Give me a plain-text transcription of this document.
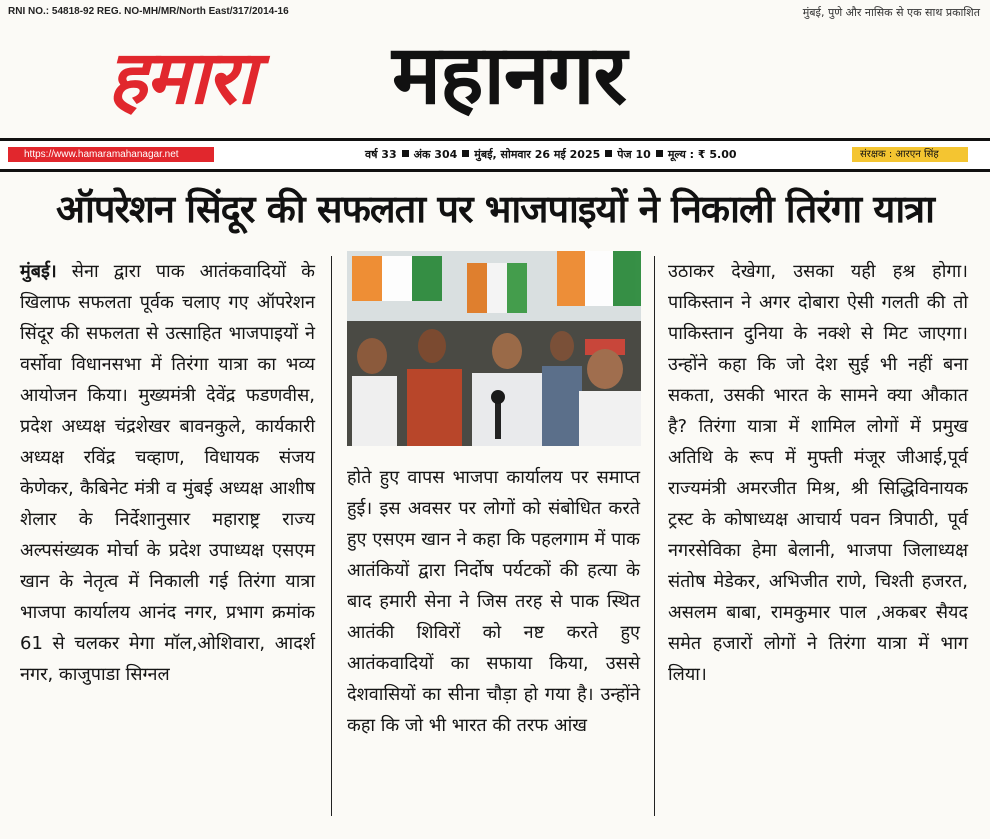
RNI NO.: 54818-92 REG. NO-MH/MR/North East/317/2014-16	मुंबई, पुणे और नासिक से एक साथ प्रकाशित
हमारा महानगर
https://www.hamaramahanagar.net	वर्ष 33 अंक 304 मुंबई, सोमवार 26 मई 2025 पेज 10 मूल्य : ₹ 5.00	संरक्षक : आरएन सिंह
ऑपरेशन सिंदूर की सफलता पर भाजपाइयों ने निकाली तिरंगा यात्रा
मुंबई। सेना द्वारा पाक आतंकवादियों के खिलाफ सफलता पूर्वक चलाए गए ऑपरेशन सिंदूर की सफलता से उत्साहित भाजपाइयों ने वर्सोवा विधानसभा में तिरंगा यात्रा का भव्य आयोजन किया। मुख्यमंत्री देवेंद्र फडणवीस, प्रदेश अध्यक्ष चंद्रशेखर बावनकुले, कार्यकारी अध्यक्ष रविंद्र चव्हाण, विधायक संजय केणेकर, कैबिनेट मंत्री व मुंबई अध्यक्ष आशीष शेलार के निर्देशानुसार महाराष्ट्र राज्य अल्पसंख्यक मोर्चा के प्रदेश उपाध्यक्ष एसएम खान के नेतृत्व में निकाली गई तिरंगा यात्रा भाजपा कार्यालय आनंद नगर, प्रभाग क्रमांक 61 से चलकर मेगा मॉल,ओशिवारा, आदर्श नगर, काजुपाडा सिग्नल
होते हुए वापस भाजपा कार्यालय पर समाप्त हुई। इस अवसर पर लोगों को संबोधित करते हुए एसएम खान ने कहा कि पहलगाम में पाक आतंकियों द्वारा निर्दोष पर्यटकों की हत्या के बाद हमारी सेना ने जिस तरह से पाक स्थित आतंकी शिविरों को नष्ट करते हुए आतंकवादियों का सफाया किया, उससे देशवासियों का सीना चौड़ा हो गया है। उन्होंने कहा कि जो भी भारत की तरफ आंख
उठाकर देखेगा, उसका यही हश्र होगा। पाकिस्तान ने अगर दोबारा ऐसी गलती की तो पाकिस्तान दुनिया के नक्शे से मिट जाएगा। उन्होंने कहा कि जो देश सुई भी नहीं बना सकता, उसकी भारत के सामने क्या औकात है? तिरंगा यात्रा में शामिल लोगों में प्रमुख अतिथि के रूप में मुफ्ती मंजूर जीआई,पूर्व राज्यमंत्री अमरजीत मिश्र, श्री सिद्धिविनायक ट्रस्ट के कोषाध्यक्ष आचार्य पवन त्रिपाठी, पूर्व नगरसेविका हेमा बेलानी, भाजपा जिलाध्यक्ष संतोष मेडेकर, अभिजीत राणे, चिश्ती हजरत, असलम बाबा, रामकुमार पाल ,अकबर सैयद समेत हजारों लोगों ने तिरंगा यात्रा में भाग लिया।
